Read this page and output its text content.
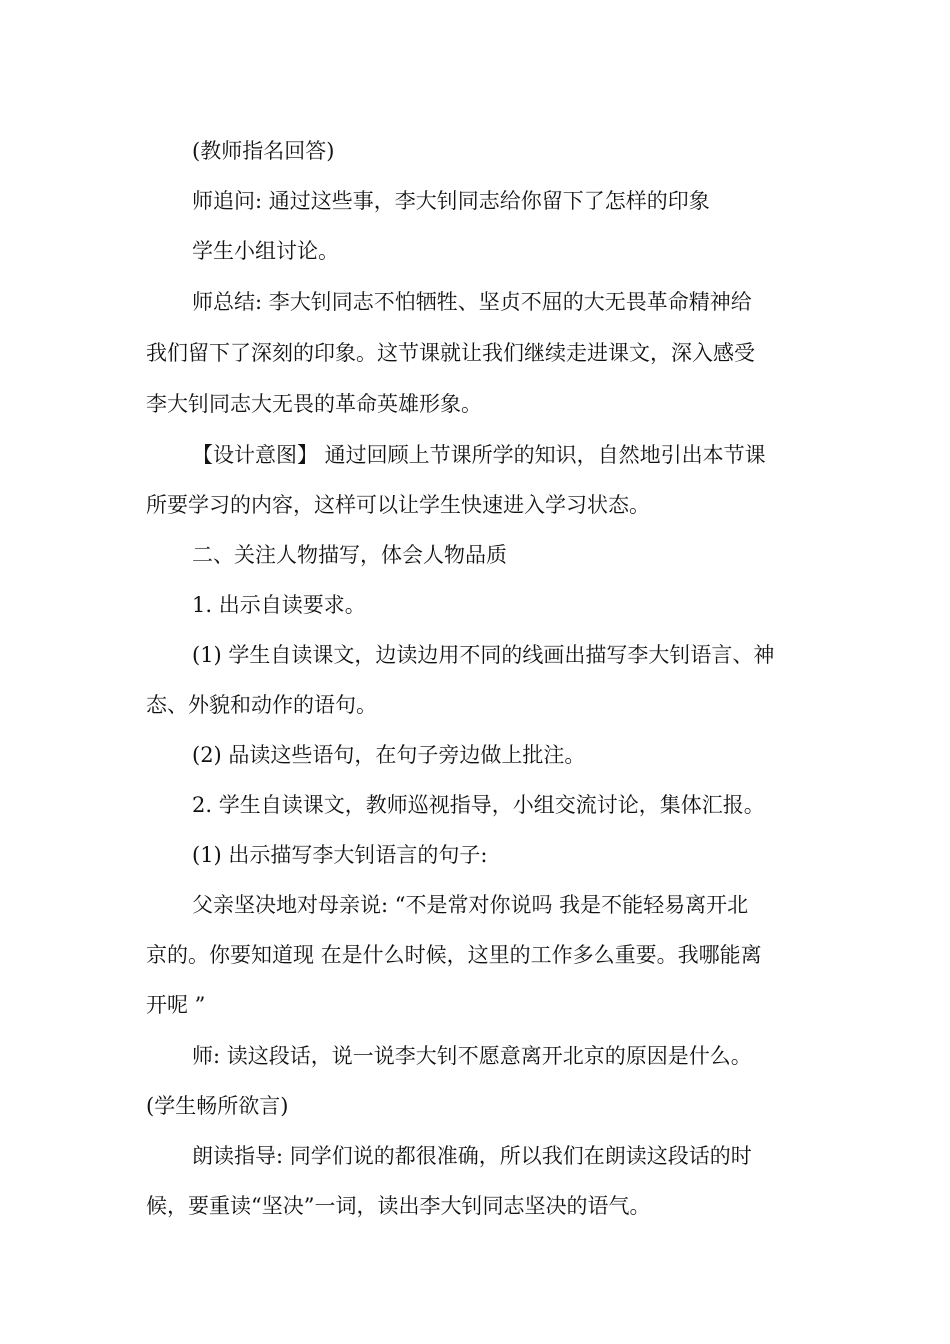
(教师指名回答)
师追问: 通过这些事，李大钊同志给你留下了怎样的印象
学生小组讨论。
师总结: 李大钊同志不怕牺牲、坚贞不屈的大无畏革命精神给
我们留下了深刻的印象。这节课就让我们继续走进课文，深入感受
李大钊同志大无畏的革命英雄形象。
【设计意图】 通过回顾上节课所学的知识，自然地引出本节课
所要学习的内容，这样可以让学生快速进入学习状态。
二、关注人物描写，体会人物品质
1. 出示自读要求。
(1) 学生自读课文，边读边用不同的线画出描写李大钊语言、神
态、外貌和动作的语句。
(2) 品读这些语句，在句子旁边做上批注。
2. 学生自读课文，教师巡视指导，小组交流讨论，集体汇报。
(1) 出示描写李大钊语言的句子:
父亲坚决地对母亲说: “不是常对你说吗 我是不能轻易离开北
京的。你要知道现 在是什么时候，这里的工作多么重要。我哪能离
开呢 ”
师: 读这段话，说一说李大钊不愿意离开北京的原因是什么。
(学生畅所欲言)
朗读指导: 同学们说的都很准确，所以我们在朗读这段话的时
候，要重读“坚决”一词，读出李大钊同志坚决的语气。
